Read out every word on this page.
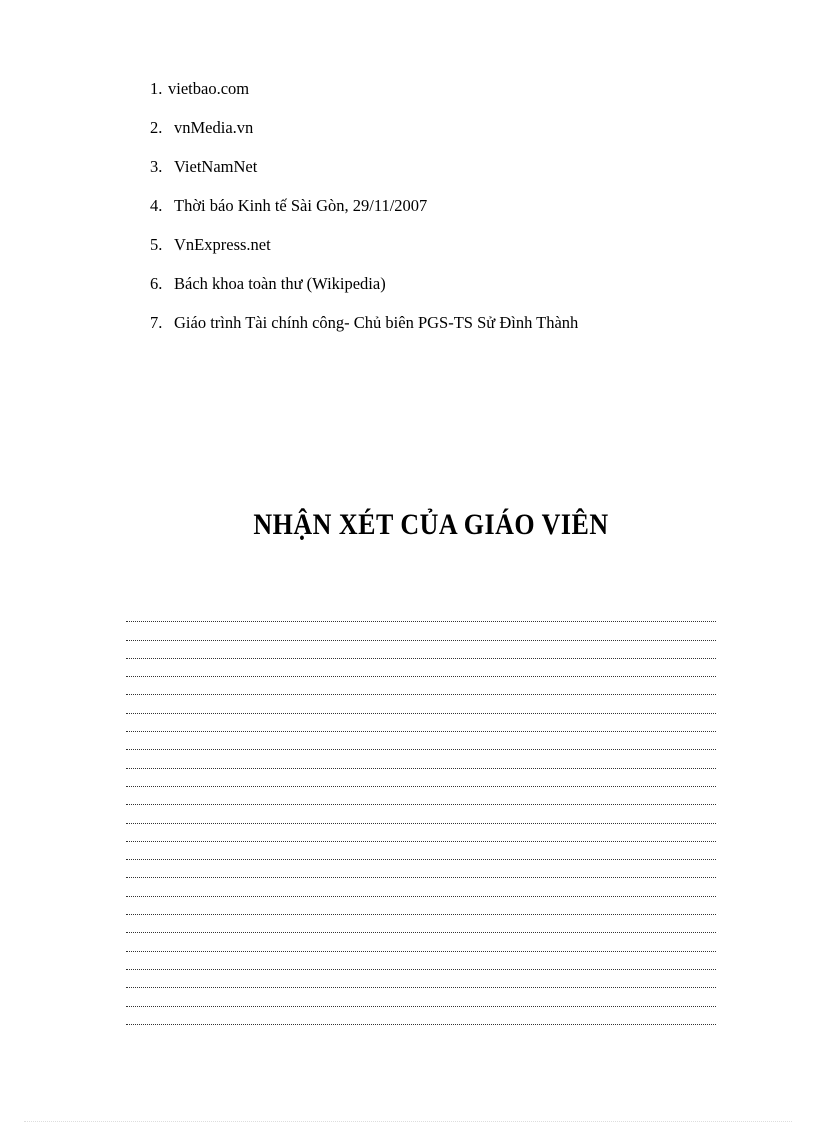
1. vietbao.com
2. vnMedia.vn
3. VietNamNet
4. Thời báo Kinh tế Sài Gòn, 29/11/2007
5. VnExpress.net
6. Bách khoa toàn thư (Wikipedia)
7. Giáo trình Tài chính công- Chủ biên PGS-TS Sử Đình Thành
NHẬN XÉT CỦA GIÁO VIÊN
